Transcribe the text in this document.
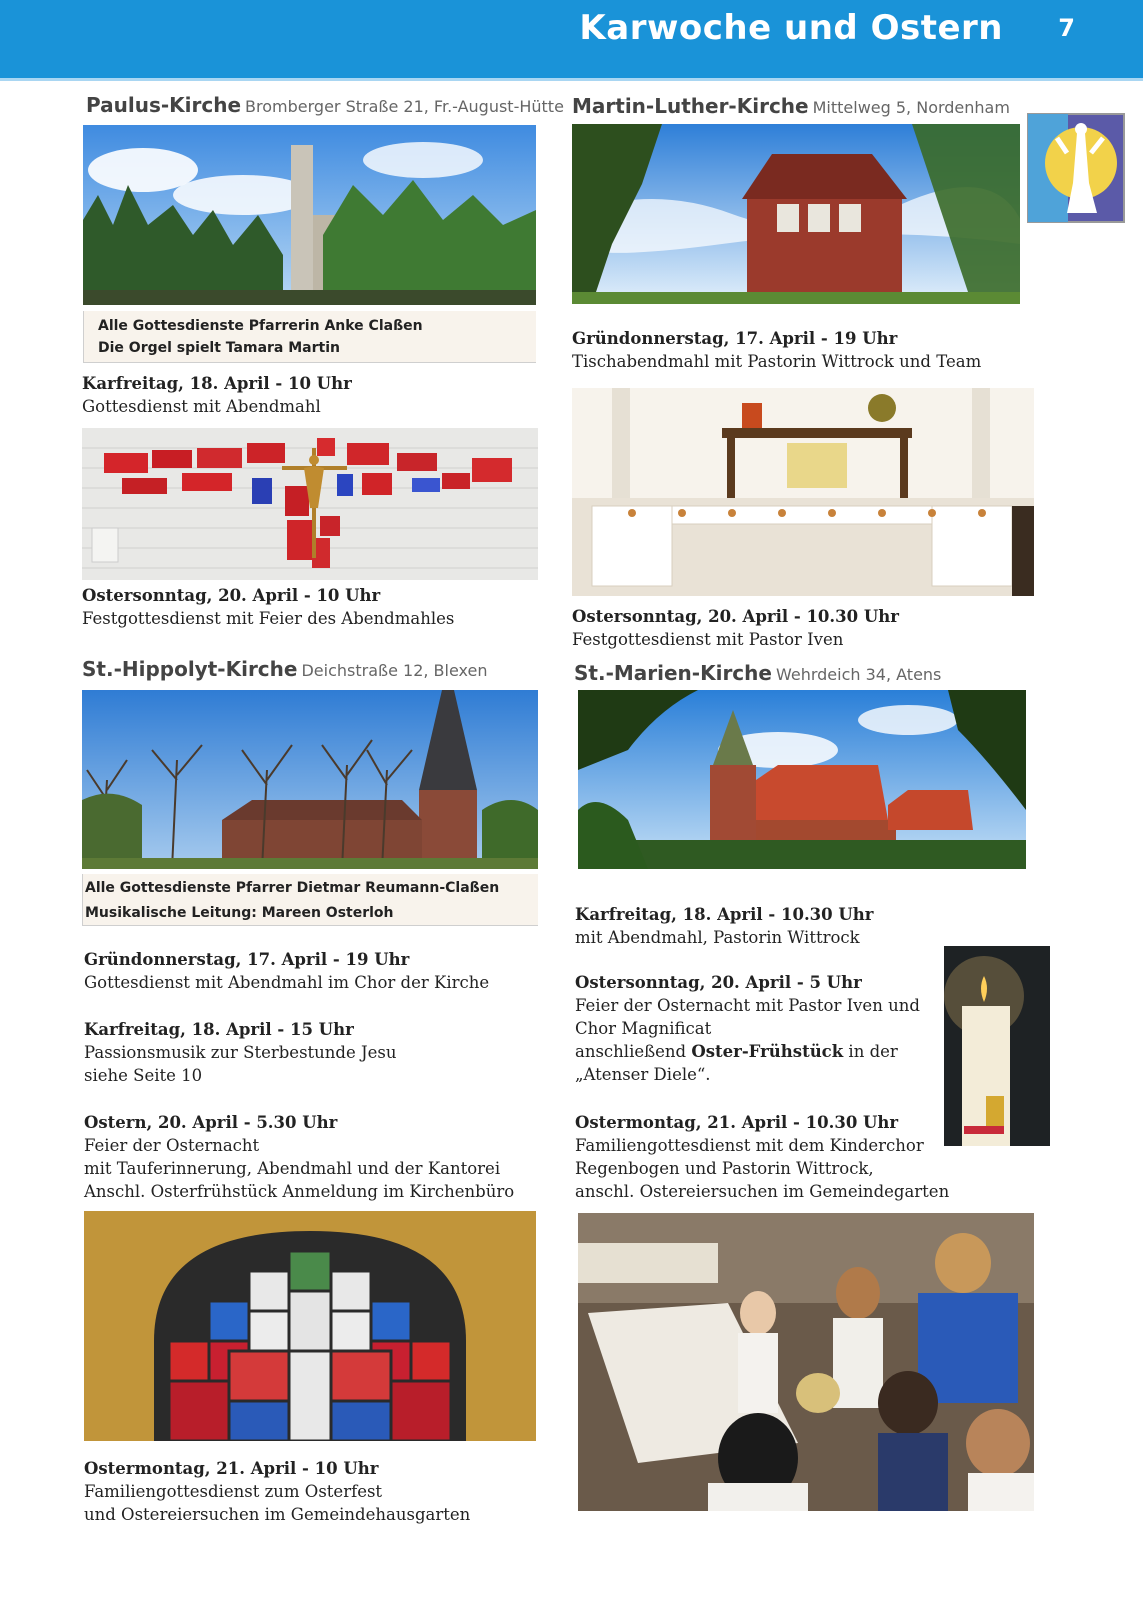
Karwoche und Ostern 7
Paulus-Kirche Bromberger Straße 21, Fr.-August-Hütte
Alle Gottesdienste Pfarrerin Anke Claßen
Die Orgel spielt Tamara Martin
Karfreitag, 18. April - 10 Uhr
Gottesdienst mit Abendmahl
Ostersonntag, 20. April - 10 Uhr
Festgottesdienst mit Feier des Abendmahles
Martin-Luther-Kirche Mittelweg 5, Nordenham
Gründonnerstag, 17. April - 19 Uhr
Tischabendmahl mit Pastorin Wittrock und Team
Ostersonntag, 20. April - 10.30 Uhr
Festgottesdienst mit Pastor Iven
St.-Hippolyt-Kirche Deichstraße 12, Blexen
Alle Gottesdienste Pfarrer Dietmar Reumann-Claßen
Musikalische Leitung: Mareen Osterloh
Gründonnerstag, 17. April - 19 Uhr
Gottesdienst mit Abendmahl im Chor der Kirche
Karfreitag, 18. April - 15 Uhr
Passionsmusik zur Sterbestunde Jesu
siehe Seite 10
Ostern, 20. April - 5.30 Uhr
Feier der Osternacht
mit Tauferinnerung, Abendmahl und der Kantorei
Anschl. Osterfrühstück Anmeldung im Kirchenbüro
Ostermontag, 21. April - 10 Uhr
Familiengottesdienst zum Osterfest
und Ostereiersuchen im Gemeindehausgarten
St.-Marien-Kirche Wehrdeich 34, Atens
Karfreitag, 18. April - 10.30 Uhr
mit Abendmahl, Pastorin Wittrock
Ostersonntag, 20. April - 5 Uhr
Feier der Osternacht mit Pastor Iven und
Chor Magnificat
anschließend Oster-Frühstück in der
„Atenser Diele“.
Ostermontag, 21. April - 10.30 Uhr
Familiengottesdienst mit dem Kinderchor
Regenbogen und Pastorin Wittrock,
anschl. Ostereiersuchen im Gemeindegarten
